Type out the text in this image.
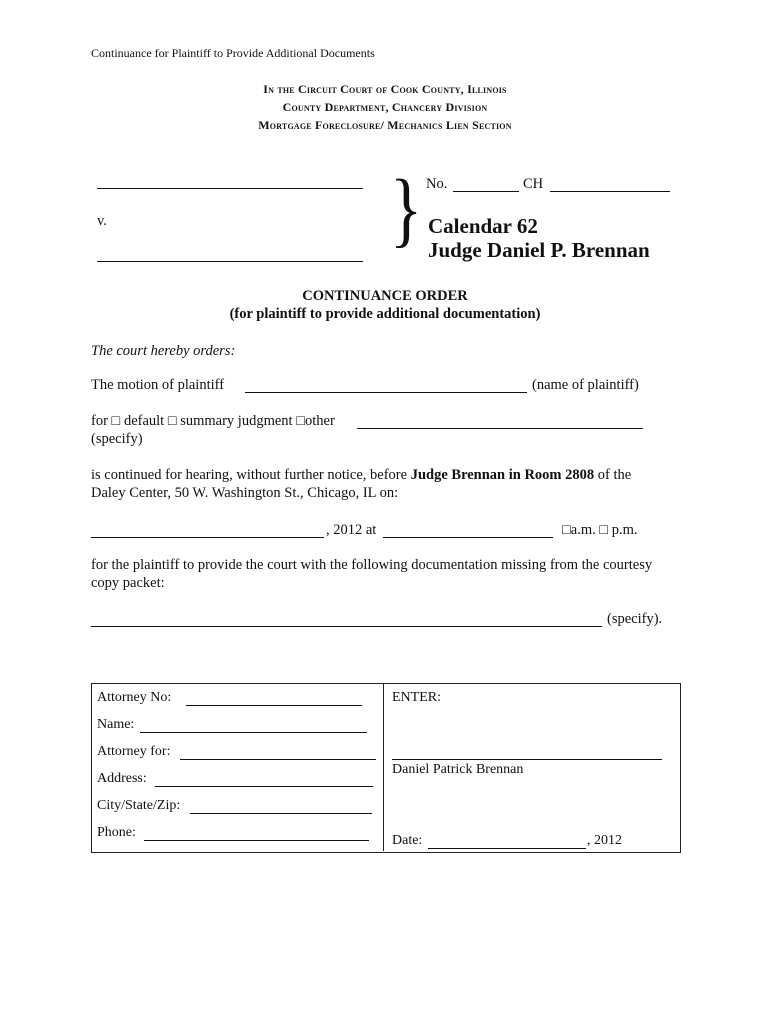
Continuance for Plaintiff to Provide Additional Documents
In the Circuit Court of Cook County, Illinois
County Department, Chancery Division
Mortgage Foreclosure/ Mechanics Lien Section
v.	} No.	CH
Calendar 62
Judge Daniel P. Brennan
CONTINUANCE ORDER
(for plaintiff to provide additional documentation)
The court hereby orders:
The motion of plaintiff	(name of plaintiff)
for □ default □ summary judgment □other
(specify)
is continued for hearing, without further notice, before Judge Brennan in Room 2808 of the
Daley Center, 50 W. Washington St., Chicago, IL on:
, 2012 at	□a.m. □ p.m.
for the plaintiff to provide the court with the following documentation missing from the courtesy
copy packet:
(specify).
Attorney No:
Name:
Attorney for:
Address:
City/State/Zip:
Phone:
ENTER:
Daniel Patrick Brennan
Date:	, 2012
